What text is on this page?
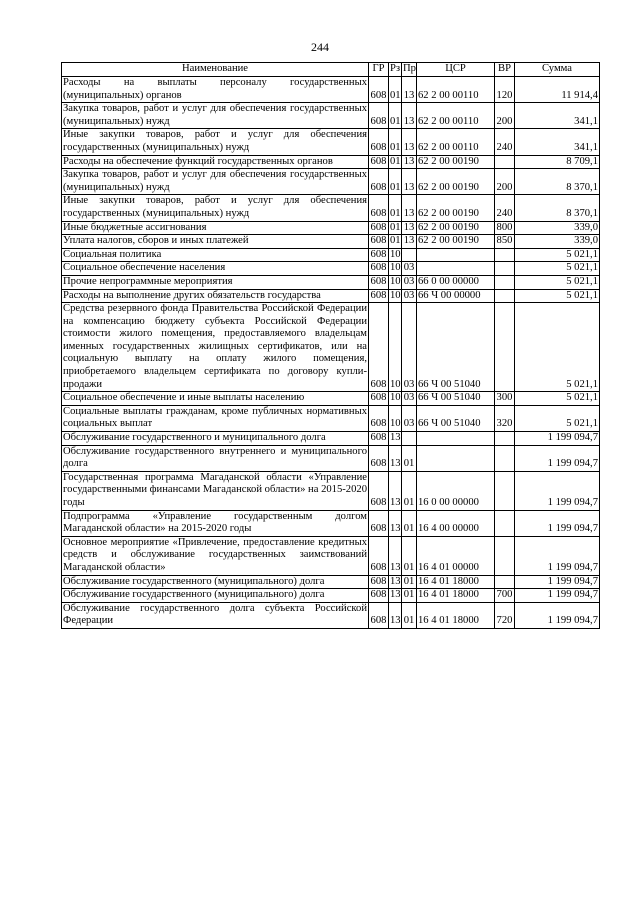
244
Наименование	ГР	Рз	Пр	ЦСР	ВР	Сумма
Расходы на выплаты персоналу государственных (муниципальных) органов	608	01	13	62 2 00 00110	120	11 914,4
Закупка товаров, работ и услуг для обеспечения государственных (муниципальных) нужд	608	01	13	62 2 00 00110	200	341,1
Иные закупки товаров, работ и услуг для обеспечения государственных (муниципальных) нужд	608	01	13	62 2 00 00110	240	341,1
Расходы на обеспечение функций государственных органов	608	01	13	62 2 00 00190		8 709,1
Закупка товаров, работ и услуг для обеспечения государственных (муниципальных) нужд	608	01	13	62 2 00 00190	200	8 370,1
Иные закупки товаров, работ и услуг для обеспечения государственных (муниципальных) нужд	608	01	13	62 2 00 00190	240	8 370,1
Иные бюджетные ассигнования	608	01	13	62 2 00 00190	800	339,0
Уплата налогов, сборов и иных платежей	608	01	13	62 2 00 00190	850	339,0
Социальная политика	608	10				5 021,1
Социальное обеспечение населения	608	10	03			5 021,1
Прочие непрограммные мероприятия	608	10	03	66 0 00 00000		5 021,1
Расходы на выполнение других обязательств государства	608	10	03	66 Ч 00 00000		5 021,1
Средства резервного фонда Правительства Российской Федерации на компенсацию бюджету субъекта Российской Федерации стоимости жилого помещения, предоставляемого владельцам именных государственных жилищных сертификатов, или на социальную выплату на оплату жилого помещения, приобретаемого владельцем сертификата по договору купли-продажи	608	10	03	66 Ч 00 51040		5 021,1
Социальное обеспечение и иные выплаты населению	608	10	03	66 Ч 00 51040	300	5 021,1
Социальные выплаты гражданам, кроме публичных нормативных социальных выплат	608	10	03	66 Ч 00 51040	320	5 021,1
Обслуживание государственного и муниципального долга	608	13				1 199 094,7
Обслуживание государственного внутреннего и муниципального долга	608	13	01			1 199 094,7
Государственная программа Магаданской области «Управление государственными финансами Магаданской области» на 2015-2020 годы	608	13	01	16 0 00 00000		1 199 094,7
Подпрограмма «Управление государственным долгом Магаданской области» на 2015-2020 годы	608	13	01	16 4 00 00000		1 199 094,7
Основное мероприятие «Привлечение, предоставление кредитных средств и обслуживание государственных заимствований Магаданской области»	608	13	01	16 4 01 00000		1 199 094,7
Обслуживание государственного (муниципального) долга	608	13	01	16 4 01 18000		1 199 094,7
Обслуживание государственного (муниципального) долга	608	13	01	16 4 01 18000	700	1 199 094,7
Обслуживание государственного долга субъекта Российской Федерации	608	13	01	16 4 01 18000	720	1 199 094,7
